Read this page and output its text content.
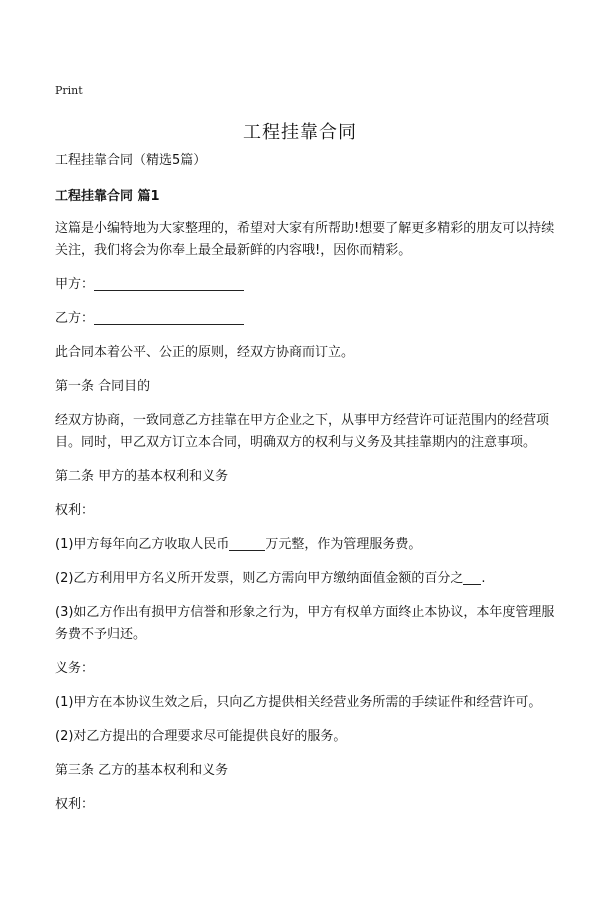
Print
工程挂靠合同

工程挂靠合同（精选5篇）

工程挂靠合同 篇1

这篇是小编特地为大家整理的，希望对大家有所帮助!想要了解更多精彩的朋友可以持续关注，我们将会为你奉上最全最新鲜的内容哦!，因你而精彩。

甲方：

乙方：

此合同本着公平、公正的原则，经双方协商而订立。

第一条 合同目的

经双方协商，一致同意乙方挂靠在甲方企业之下，从事甲方经营许可证范围内的经营项目。同时，甲乙双方订立本合同，明确双方的权利与义务及其挂靠期内的注意事项。

第二条 甲方的基本权利和义务

权利：

(1)甲方每年向乙方收取人民币	万元整，作为管理服务费。

(2)乙方利用甲方名义所开发票，则乙方需向甲方缴纳面值金额的百分之 .

(3)如乙方作出有损甲方信誉和形象之行为，甲方有权单方面终止本协议，本年度管理服务费不予归还。

义务：

(1)甲方在本协议生效之后，只向乙方提供相关经营业务所需的手续证件和经营许可。

(2)对乙方提出的合理要求尽可能提供良好的服务。

第三条 乙方的基本权利和义务

权利：
